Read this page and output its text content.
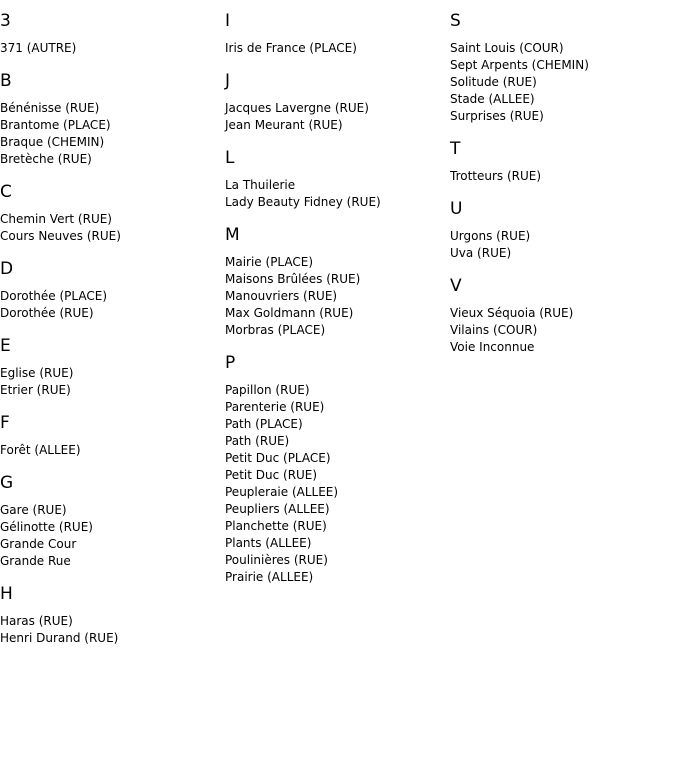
3
371 (AUTRE)
B
Bénénisse (RUE)
Brantome (PLACE)
Braque (CHEMIN)
Bretèche (RUE)
C
Chemin Vert (RUE)
Cours Neuves (RUE)
D
Dorothée (PLACE)
Dorothée (RUE)
E
Eglise (RUE)
Etrier (RUE)
F
Forêt (ALLEE)
G
Gare (RUE)
Gélinotte (RUE)
Grande Cour
Grande Rue
H
Haras (RUE)
Henri Durand (RUE)
I
Iris de France (PLACE)
J
Jacques Lavergne (RUE)
Jean Meurant (RUE)
L
La Thuilerie
Lady Beauty Fidney (RUE)
M
Mairie (PLACE)
Maisons Brûlées (RUE)
Manouvriers (RUE)
Max Goldmann (RUE)
Morbras (PLACE)
P
Papillon (RUE)
Parenterie (RUE)
Path (PLACE)
Path (RUE)
Petit Duc (PLACE)
Petit Duc (RUE)
Peupleraie (ALLEE)
Peupliers (ALLEE)
Planchette (RUE)
Plants (ALLEE)
Poulinières (RUE)
Prairie (ALLEE)
S
Saint Louis (COUR)
Sept Arpents (CHEMIN)
Solitude (RUE)
Stade (ALLEE)
Surprises (RUE)
T
Trotteurs (RUE)
U
Urgons (RUE)
Uva (RUE)
V
Vieux Séquoia (RUE)
Vilains (COUR)
Voie Inconnue
